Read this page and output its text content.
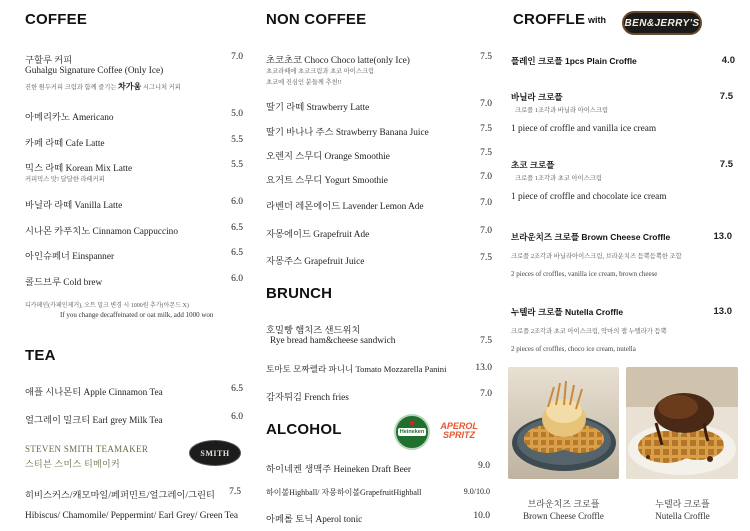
COFFEE
구할루 커피	7.0
Guhalgu Signature Coffee (Only Ice)
진한 원두커피 크림과 함께 즐기는 차가움 시그니처 커피
아메리카노 Americano	5.0
카페 라떼 Cafe Latte	5.5
믹스 라떼 Korean Mix Latte	5.5
커피믹스 맛! 달달한 라떼커피
바닐라 라떼 Vanilla Latte	6.0
시나몬 카푸치노 Cinnamon Cappuccino	6.5
아인슈페너 Einspanner	6.5
콜드브루 Cold brew	6.0
디카페인(카페인제거), 오트 밀크 변경 시 1000원 추가(아몬드 X)
If you change decaffeinated or oat milk, add 1000 won
TEA
애플 시나몬티 Apple Cinnamon Tea	6.5
얼그레이 밀크티 Earl grey Milk Tea	6.0
STEVEN SMITH TEAMAKER
스티븐 스미스 티메이커
SMITH
히비스커스/캐모마일/페퍼민트/얼그레이/그린티	7.5
Hibiscus/ Chamomile/ Peppermint/ Earl Grey/ Green Tea
NON COFFEE
초코초코 Choco Choco latte(only Ice)	7.5
초코라떼에 초코크림과 초코 아이스크림
초코에 진심인 분들께 추천!!
딸기 라떼 Strawberry Latte	7.0
딸기 바나나 주스 Strawberry Banana Juice	7.5
오렌지 스무디 Orange Smoothie	7.5
요거트 스무디 Yogurt Smoothie	7.0
라벤더 레몬에이드 Lavender Lemon Ade	7.0
자몽에이드 Grapefruit Ade	7.0
자몽주스 Grapefruit Juice	7.5
BRUNCH
호밀빵 햄치즈 샌드위치
Rye bread ham&cheese sandwich	7.5
토마토 모짜렐라 파니니 Tomato Mozzarella Panini	13.0
감자튀김 French fries	7.0
ALCOHOL
하이네켄 생맥주 Heineken Draft Beer	9.0
하이볼Highball/ 자몽하이볼GrapefruitHighball	9.0/10.0
아페롤 토닉 Aperol tonic	10.0
★
Heineken
APEROL SPRITZ
CROFFLE with
플레인 크로플 1pcs Plain Croffle	4.0
바닐라 크로플	7.5
크로플 1조각과 바닐라 아이스크림
1 piece of croffle and vanilla ice cream
초코 크로플	7.5
크로플 1조각과 초코 아이스크림
1 piece of croffle and chocolate ice cream
브라운치즈 크로플 Brown Cheese Croffle	13.0
크로플 2조각과 바닐라아이스크림, 브라운치즈 듬뿍듬뿍한 조합
2 pieces of croffles, vanilla ice cream, brown cheese
누텔라 크로플 Nutella Croffle	13.0
크로플 2조각과 초코 아이스크림, 악마의 잼 누텔라가 듬뿍
2 pieces of croffles, choco ice cream, nutella
브라운치즈 크로플
Brown Cheese Croffle
누텔라 크로플
Nutella Croffle
BEN&JERRY'S
